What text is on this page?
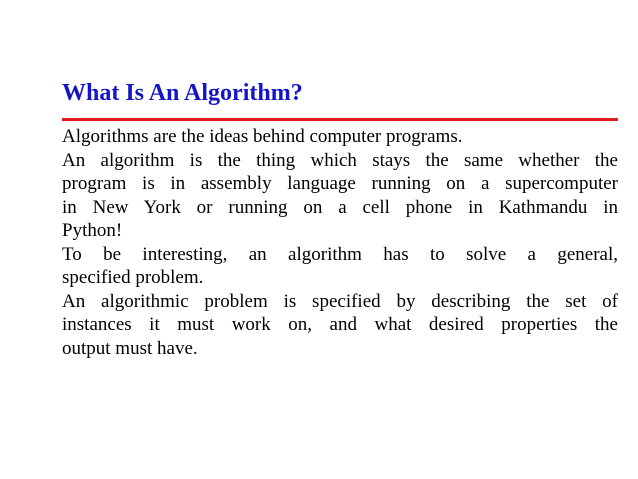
What Is An Algorithm?

Algorithms are the ideas behind computer programs.

An algorithm is the thing which stays the same whether the
program is in assembly language running on a supercomputer
in New York or running on a cell phone in Kathmandu in
Python!

To be interesting, an algorithm has to solve a general,
specified problem.

An algorithmic problem is specified by describing the set of
instances it must work on, and what desired properties the
output must have.
